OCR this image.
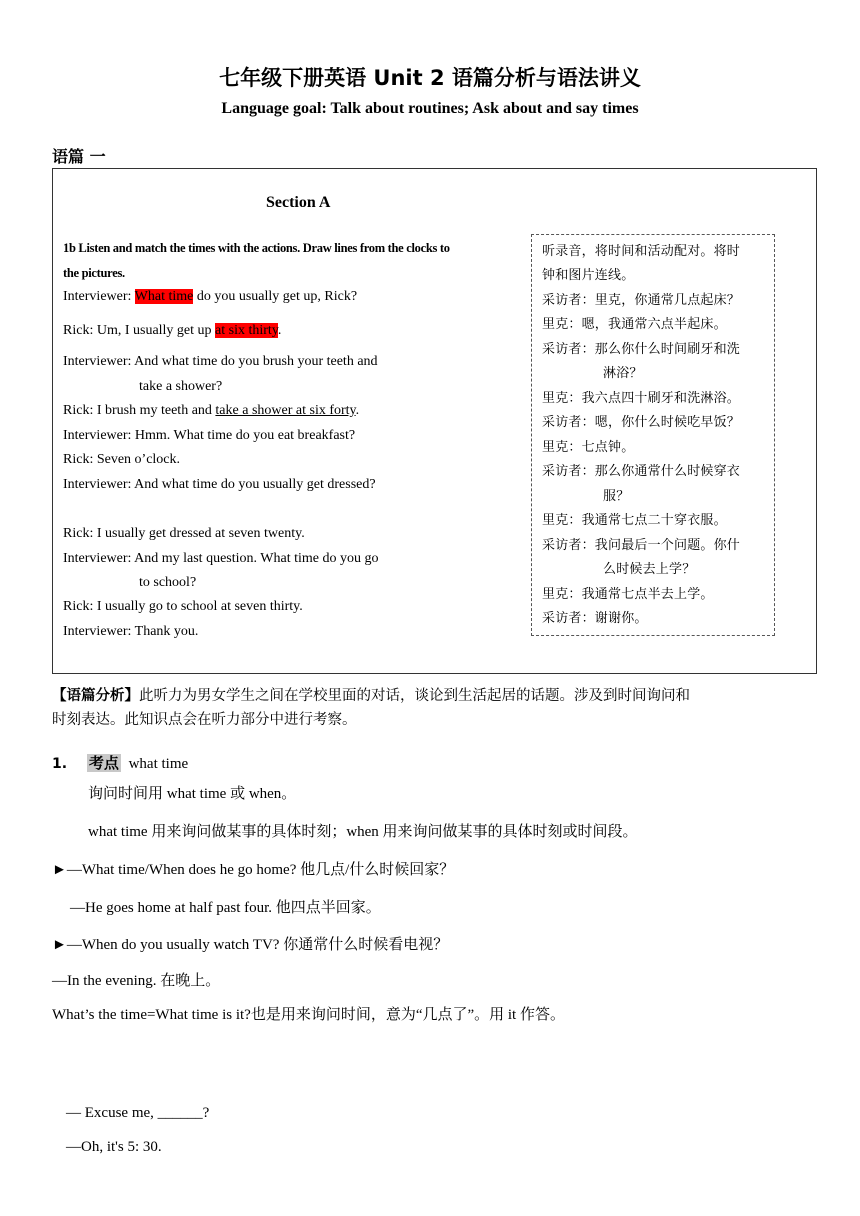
七年级下册英语 Unit 2 语篇分析与语法讲义
Language goal: Talk about routines; Ask about and say times
语篇 一
Section A
1b Listen and match the times with the actions. Draw lines from the clocks to
the pictures.
Interviewer: What time do you usually get up, Rick?
Rick: Um, I usually get up at six thirty.
Interviewer: And what time do you brush your teeth and
take a shower?
Rick: I brush my teeth and take a shower at six forty.
Interviewer: Hmm. What time do you eat breakfast?
Rick: Seven o’clock.
Interviewer: And what time do you usually get dressed?
Rick: I usually get dressed at seven twenty.
Interviewer: And my last question. What time do you go
to school?
Rick: I usually go to school at seven thirty.
Interviewer: Thank you.
听录音，将时间和活动配对。将时
钟和图片连线。
采访者：里克，你通常几点起床？
里克：嗯，我通常六点半起床。
采访者：那么你什么时间刷牙和洗
淋浴？
里克：我六点四十刷牙和洗淋浴。
采访者：嗯，你什么时候吃早饭？
里克：七点钟。
采访者：那么你通常什么时候穿衣
服？
里克：我通常七点二十穿衣服。
采访者：我问最后一个问题。你什
么时候去上学？
里克：我通常七点半去上学。
采访者：谢谢你。
【语篇分析】此听力为男女学生之间在学校里面的对话，谈论到生活起居的话题。涉及到时间询问和
时刻表达。此知识点会在听力部分中进行考察。
1. 考点 what time
询问时间用 what time 或 when。
what time 用来询问做某事的具体时刻；when 用来询问做某事的具体时刻或时间段。
►—What time/When does he go home? 他几点/什么时候回家？
—He goes home at half past four. 他四点半回家。
►—When do you usually watch TV? 你通常什么时候看电视？
—In the evening. 在晚上。
What’s the time=What time is it?也是用来询问时间，意为“几点了”。用 it 作答。
— Excuse me, ______?
—Oh, it's 5: 30.
